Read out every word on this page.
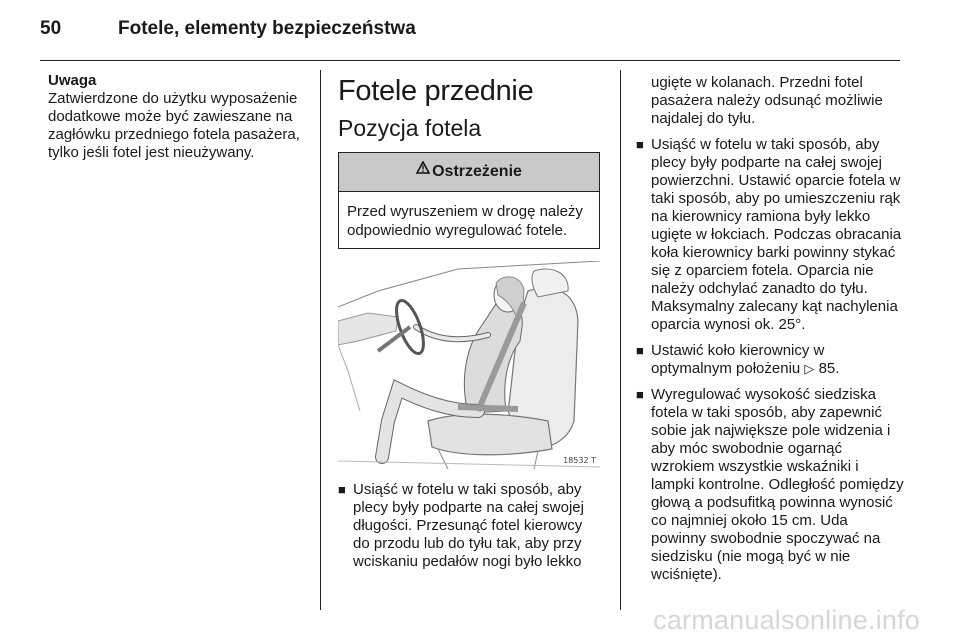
50	Fotele, elementy bezpieczeństwa
Uwaga

Zatwierdzone do użytku wyposażenie dodatkowe może być zawieszane na zagłówku przedniego fotela pasażera, tylko jeśli fotel jest nieużywany.

Fotele przednie
Pozycja fotela
Ostrzeżenie
Przed wyruszeniem w drogę należy odpowiednio wyregulować fotele.
18532 T
■ Usiąść w fotelu w taki sposób, aby plecy były podparte na całej swojej długości. Przesunąć fotel kierowcy do przodu lub do tyłu tak, aby przy wciskaniu pedałów nogi było lekko
ugięte w kolanach. Przedni fotel pasażera należy odsunąć możliwie najdalej do tyłu.
■ Usiąść w fotelu w taki sposób, aby plecy były podparte na całej swojej powierzchni. Ustawić oparcie fotela w taki sposób, aby po umieszczeniu rąk na kierownicy ramiona były lekko ugięte w łokciach. Podczas obracania koła kierownicy barki powinny stykać się z oparciem fotela. Oparcia nie należy odchylać zanadto do tyłu. Maksymalny zalecany kąt nachylenia oparcia wynosi ok. 25°.
■ Ustawić koło kierownicy w optymalnym położeniu ▷ 85.
■ Wyregulować wysokość siedziska fotela w taki sposób, aby zapewnić sobie jak największe pole widzenia i aby móc swobodnie ogarnąć wzrokiem wszystkie wskaźniki i lampki kontrolne. Odległość pomiędzy głową a podsufitką powinna wynosić co najmniej około 15 cm. Uda powinny swobodnie spoczywać na siedzisku (nie mogą być w nie wciśnięte).
carmanualsonline.info
